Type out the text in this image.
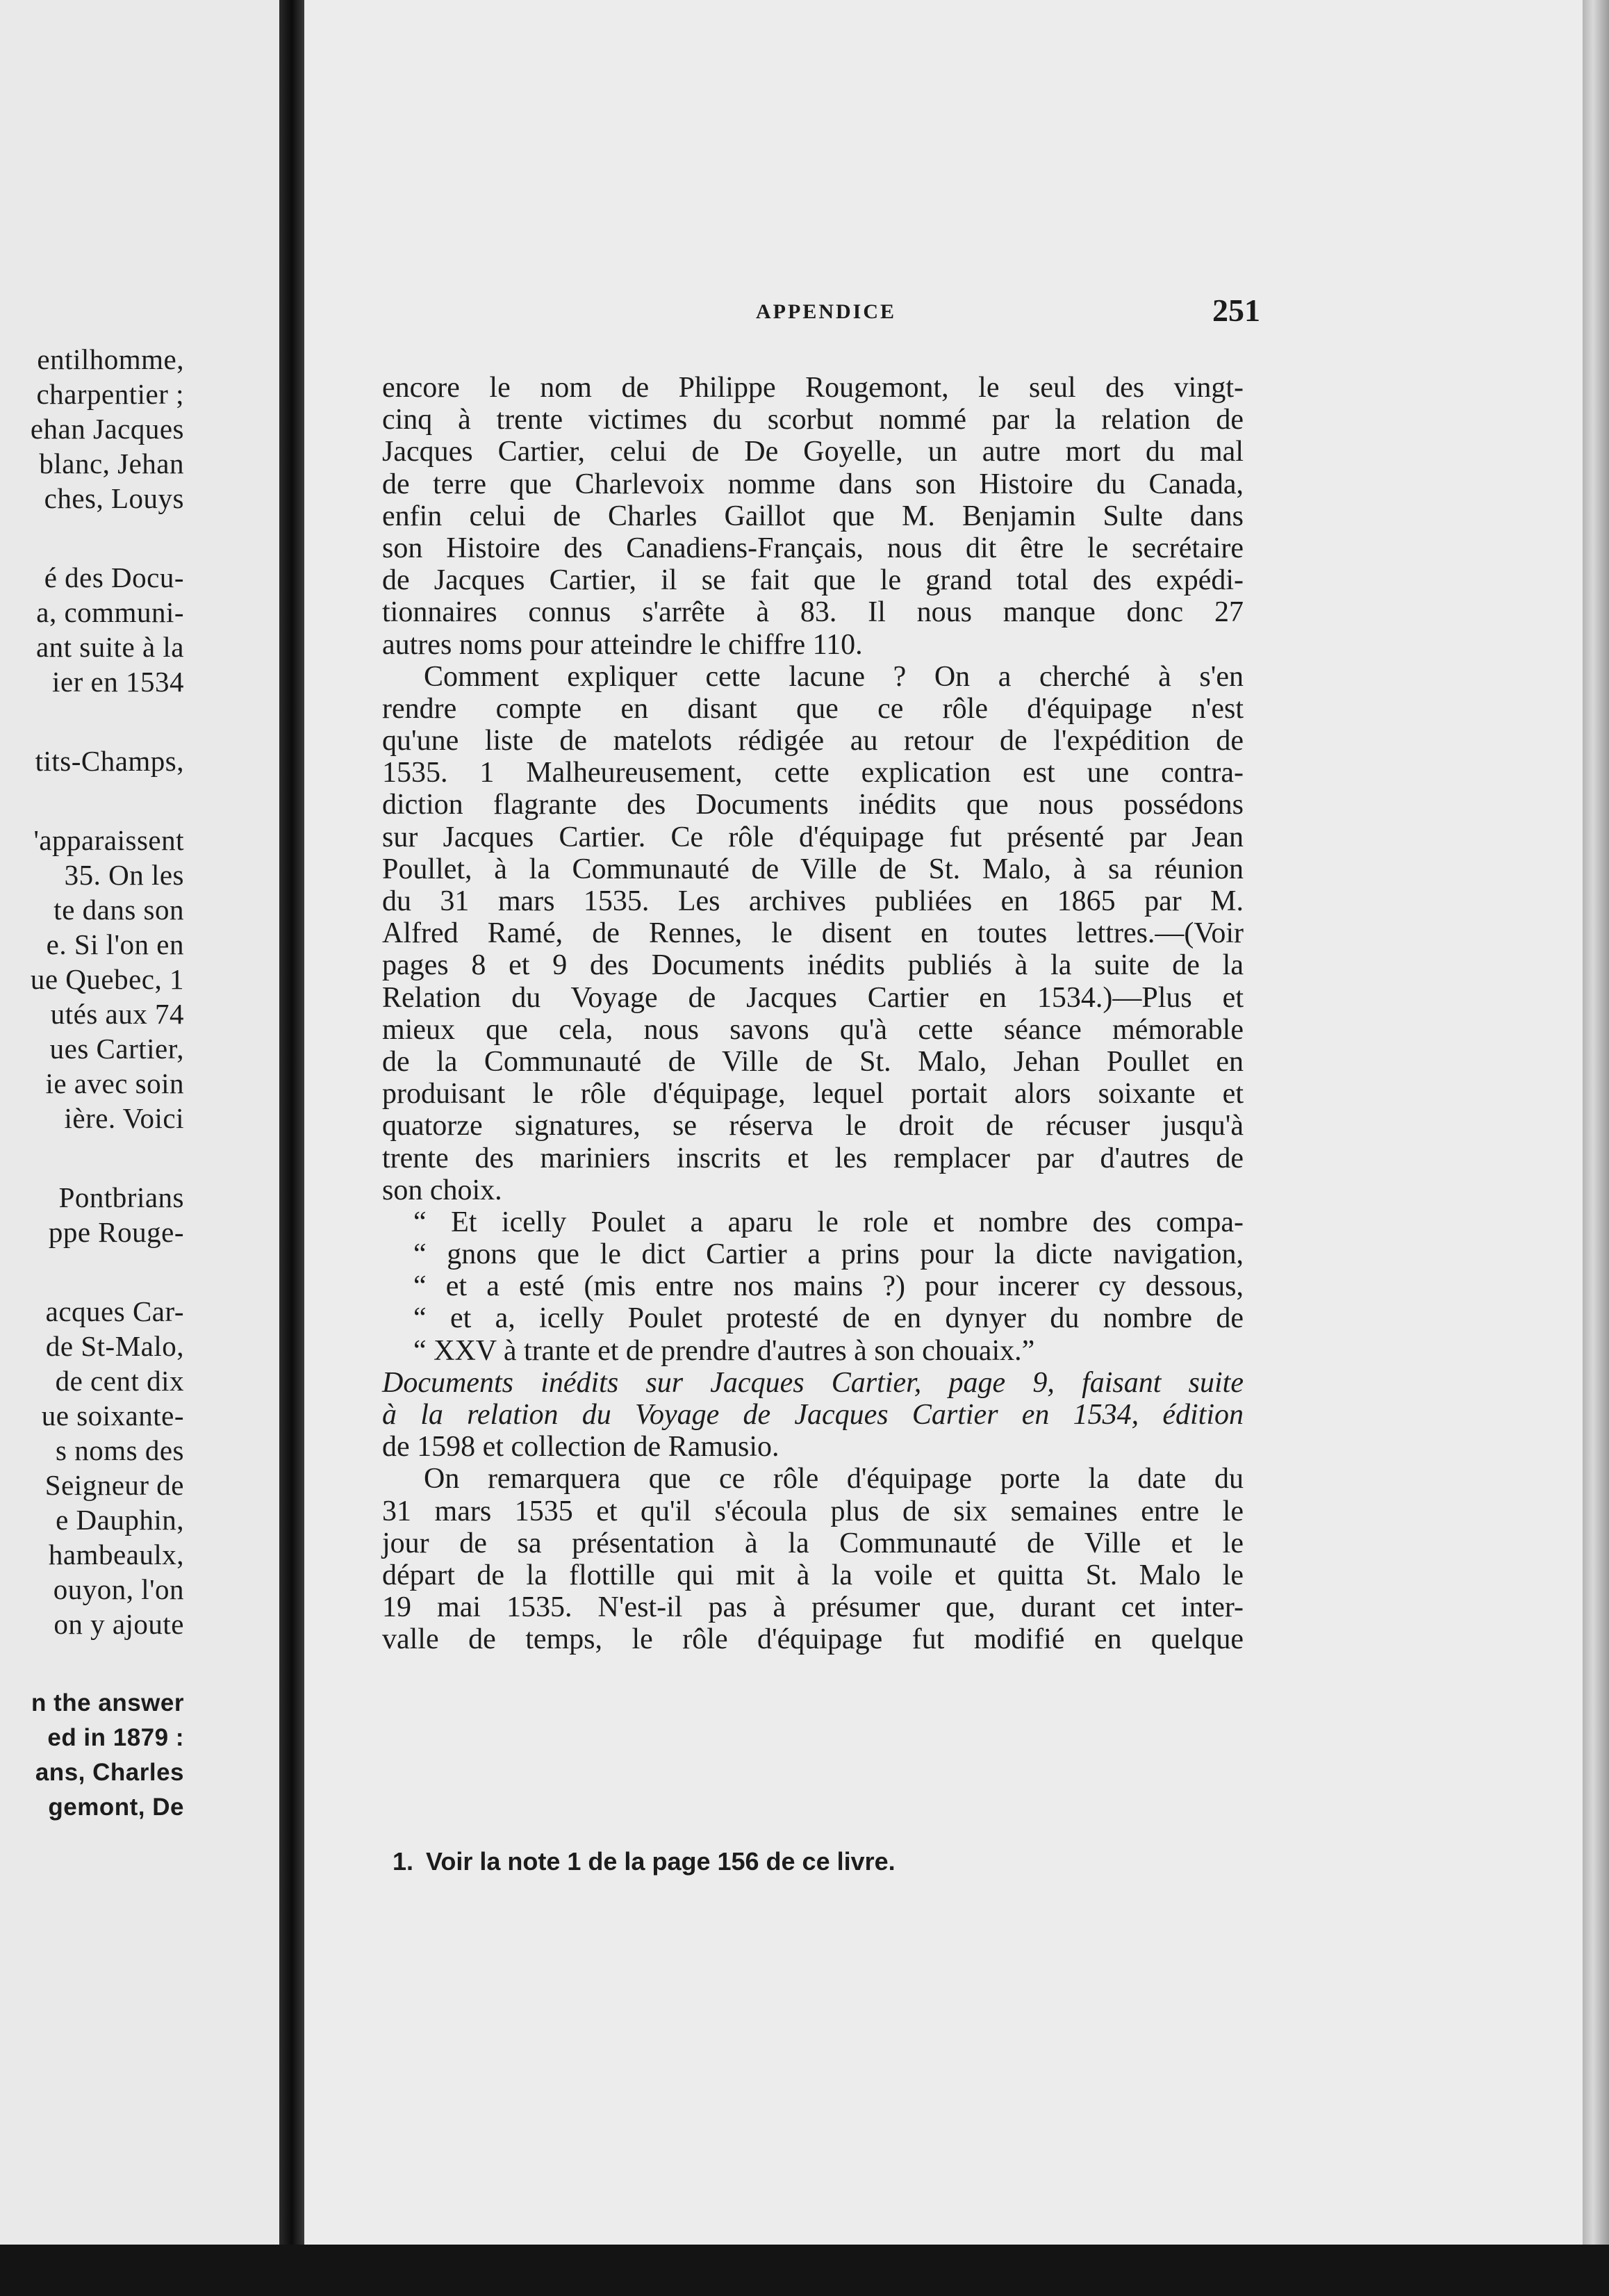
entilhomme,
charpentier ;
ehan Jacques
blanc, Jehan
ches, Louys
é des Docu-
a, communi-
ant suite à la
ier en 1534
tits-Champs,
'apparaissent
35. On les
te dans son
e. Si l'on en
ue Quebec, 1
utés aux 74
ues Cartier,
ie avec soin
ière. Voici
Pontbrians
ppe Rouge-
acques Car-
de St-Malo,
de cent dix
ue soixante-
s noms des
Seigneur de
e Dauphin,
hambeaulx,
ouyon, l'on
on y ajoute
n the answer
ed in 1879 :
ans, Charles
gemont, De
APPENDICE	251
encore le nom de Philippe Rougemont, le seul des vingt-
cinq à trente victimes du scorbut nommé par la relation de
Jacques Cartier, celui de De Goyelle, un autre mort du mal
de terre que Charlevoix nomme dans son Histoire du Canada,
enfin celui de Charles Gaillot que M. Benjamin Sulte dans
son Histoire des Canadiens-Français, nous dit être le secrétaire
de Jacques Cartier, il se fait que le grand total des expédi-
tionnaires connus s'arrête à 83. Il nous manque donc 27
autres noms pour atteindre le chiffre 110.
Comment expliquer cette lacune ? On a cherché à s'en
rendre compte en disant que ce rôle d'équipage n'est
qu'une liste de matelots rédigée au retour de l'expédition de
1535. 1 Malheureusement, cette explication est une contra-
diction flagrante des Documents inédits que nous possédons
sur Jacques Cartier. Ce rôle d'équipage fut présenté par Jean
Poullet, à la Communauté de Ville de St. Malo, à sa réunion
du 31 mars 1535. Les archives publiées en 1865 par M.
Alfred Ramé, de Rennes, le disent en toutes lettres.—(Voir
pages 8 et 9 des Documents inédits publiés à la suite de la
Relation du Voyage de Jacques Cartier en 1534.)—Plus et
mieux que cela, nous savons qu'à cette séance mémorable
de la Communauté de Ville de St. Malo, Jehan Poullet en
produisant le rôle d'équipage, lequel portait alors soixante et
quatorze signatures, se réserva le droit de récuser jusqu'à
trente des mariniers inscrits et les remplacer par d'autres de
son choix.
“ Et icelly Poulet a aparu le role et nombre des compa-
“ gnons que le dict Cartier a prins pour la dicte navigation,
“ et a esté (mis entre nos mains ?) pour incerer cy dessous,
“ et a, icelly Poulet protesté de en dynyer du nombre de
“ XXV à trante et de prendre d'autres à son chouaix.”
Documents inédits sur Jacques Cartier, page 9, faisant suite
à la relation du Voyage de Jacques Cartier en 1534, édition
de 1598 et collection de Ramusio.
On remarquera que ce rôle d'équipage porte la date du
31 mars 1535 et qu'il s'écoula plus de six semaines entre le
jour de sa présentation à la Communauté de Ville et le
départ de la flottille qui mit à la voile et quitta St. Malo le
19 mai 1535. N'est-il pas à présumer que, durant cet inter-
valle de temps, le rôle d'équipage fut modifié en quelque
1. Voir la note 1 de la page 156 de ce livre.
